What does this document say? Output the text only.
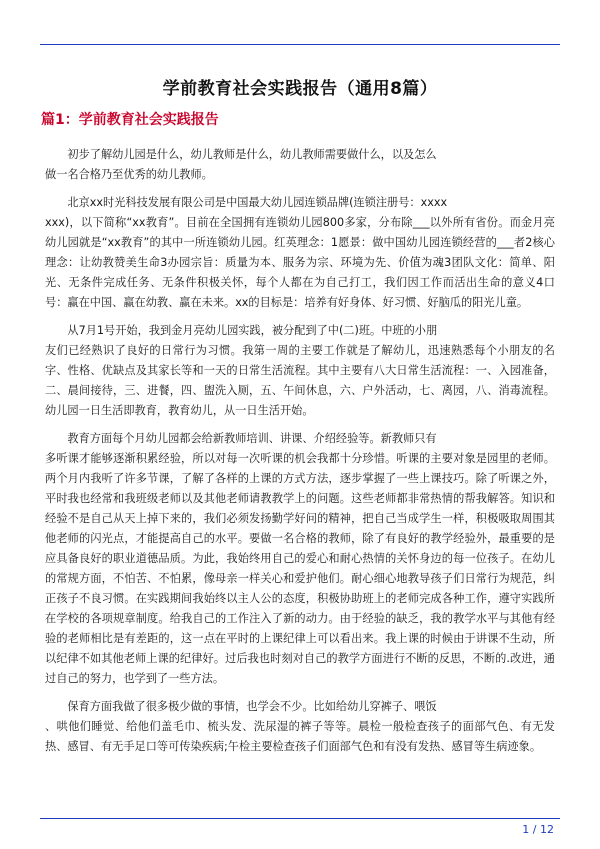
学前教育社会实践报告（通用8篇）
篇1：学前教育社会实践报告

初步了解幼儿园是什么，幼儿教师是什么，幼儿教师需要做什么，以及怎么
做一名合格乃至优秀的幼儿教师。

北京xx时光科技发展有限公司是中国最大幼儿园连锁品牌(连锁注册号：xxxx
xxx)，以下简称“xx教育”。目前在全国拥有连锁幼儿园800多家，分布除___以外所有省份。而金月亮幼儿园就是“xx教育”的其中一所连锁幼儿园。红英理念：1愿景：做中国幼儿园连锁经营的___者2核心理念：让幼教赞美生命3办园宗旨：质量为本、服务为宗、环境为先、价值为魂3团队文化：简单、阳光、无条件完成任务、无条件积极关怀，每个人都在为自己打工，我们因工作而活出生命的意义4口号：赢在中国、赢在幼教、赢在未来。xx的目标是：培养有好身体、好习惯、好脑瓜的阳光儿童。

从7月1号开始，我到金月亮幼儿园实践，被分配到了中(二)班。中班的小朋
友们已经熟识了良好的日常行为习惯。我第一周的主要工作就是了解幼儿，迅速熟悉每个小朋友的名字、性格、优缺点及其家长等和一天的日常生活流程。其中主要有八大日常生活流程：一、入园准备，二、晨间接待，三、进餐，四、盥洗入厕，五、午间休息，六、户外活动，七、离园，八、消毒流程。幼儿园一日生活即教育，教育幼儿，从一日生活开始。

教育方面每个月幼儿园都会给新教师培训、讲课、介绍经验等。新教师只有
多听课才能够逐渐积累经验，所以对每一次听课的机会我都十分珍惜。听课的主要对象是园里的老师。两个月内我听了许多节课，了解了各样的上课的方式方法，逐步掌握了一些上课技巧。除了听课之外，平时我也经常和我班级老师以及其他老师请教教学上的问题。这些老师都非常热情的帮我解答。知识和经验不是自己从天上掉下来的，我们必须发扬勤学好问的精神，把自己当成学生一样，积极吸取周围其他老师的闪光点，才能提高自己的水平。要做一名合格的教师，除了有良好的教学经验外，最重要的是应具备良好的职业道德品质。为此，我始终用自己的爱心和耐心热情的关怀身边的每一位孩子。在幼儿的常规方面，不怕苦、不怕累，像母亲一样关心和爱护他们。耐心细心地教导孩子们日常行为规范，纠正孩子不良习惯。在实践期间我始终以主人公的态度，积极协助班上的老师完成各种工作，遵守实践所在学校的各项规章制度。给我自己的工作注入了新的动力。由于经验的缺乏，我的教学水平与其他有经验的老师相比是有差距的，这一点在平时的上课纪律上可以看出来。我上课的时候由于讲课不生动，所以纪律不如其他老师上课的纪律好。过后我也时刻对自己的教学方面进行不断的反思，不断的.改进，通过自己的努力，也学到了一些方法。

保育方面我做了很多极少做的事情，也学会不少。比如给幼儿穿裤子、喂饭
、哄他们睡觉、给他们盖毛巾、梳头发、洗尿湿的裤子等等。晨检一般检查孩子的面部气色、有无发热、感冒、有无手足口等可传染疾病;午检主要检查孩子们面部气色和有没有发热、感冒等生病迹象。

1 / 12
